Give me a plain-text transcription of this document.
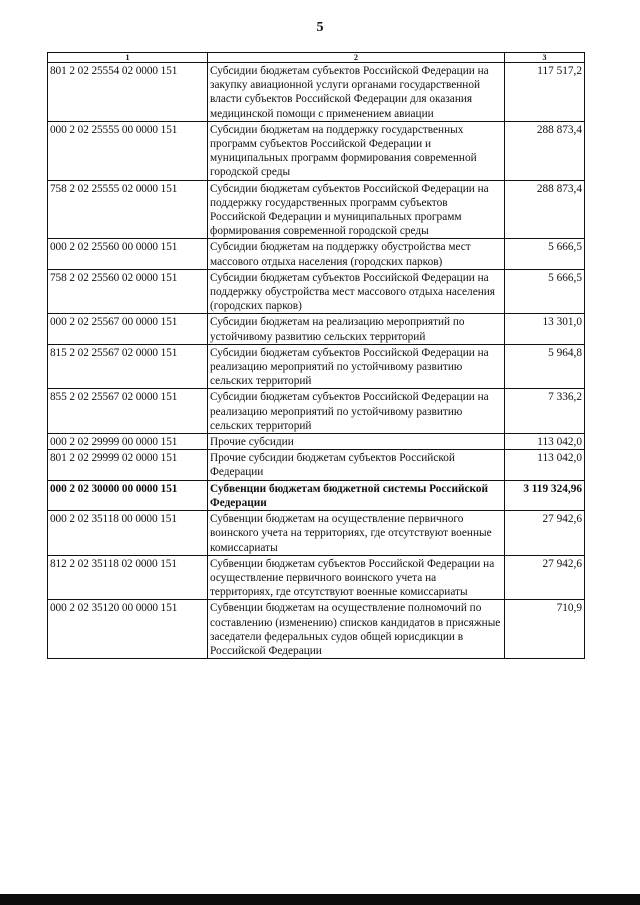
5
1	2	3
801 2 02 25554 02 0000 151	Субсидии бюджетам субъектов Российской Федерации на закупку авиационной услуги органами государственной власти субъектов Российской Федерации для оказания медицинской помощи с применением авиации	117 517,2
000 2 02 25555 00 0000 151	Субсидии бюджетам на поддержку государственных программ субъектов Российской Федерации и муниципальных программ формирования современной городской среды	288 873,4
758 2 02 25555 02 0000 151	Субсидии бюджетам субъектов Российской Федерации на поддержку государственных программ субъектов Российской Федерации и муниципальных программ формирования современной городской среды	288 873,4
000 2 02 25560 00 0000 151	Субсидии бюджетам на поддержку обустройства мест массового отдыха населения (городских парков)	5 666,5
758 2 02 25560 02 0000 151	Субсидии бюджетам субъектов Российской Федерации на поддержку обустройства мест массового отдыха населения (городских парков)	5 666,5
000 2 02 25567 00 0000 151	Субсидии бюджетам на реализацию мероприятий по устойчивому развитию сельских территорий	13 301,0
815 2 02 25567 02 0000 151	Субсидии бюджетам субъектов Российской Федерации на реализацию мероприятий по устойчивому развитию сельских территорий	5 964,8
855 2 02 25567 02 0000 151	Субсидии бюджетам субъектов Российской Федерации на реализацию мероприятий по устойчивому развитию сельских территорий	7 336,2
000 2 02 29999 00 0000 151	Прочие субсидии	113 042,0
801 2 02 29999 02 0000 151	Прочие субсидии бюджетам субъектов Российской Федерации	113 042,0
000 2 02 30000 00 0000 151	Субвенции бюджетам бюджетной системы Российской Федерации	3 119 324,96
000 2 02 35118 00 0000 151	Субвенции бюджетам на осуществление первичного воинского учета на территориях, где отсутствуют военные комиссариаты	27 942,6
812 2 02 35118 02 0000 151	Субвенции бюджетам субъектов Российской Федерации на осуществление первичного воинского учета на территориях, где отсутствуют военные комиссариаты	27 942,6
000 2 02 35120 00 0000 151	Субвенции бюджетам на осуществление полномочий по составлению (изменению) списков кандидатов в присяжные заседатели федеральных судов общей юрисдикции в Российской Федерации	710,9
